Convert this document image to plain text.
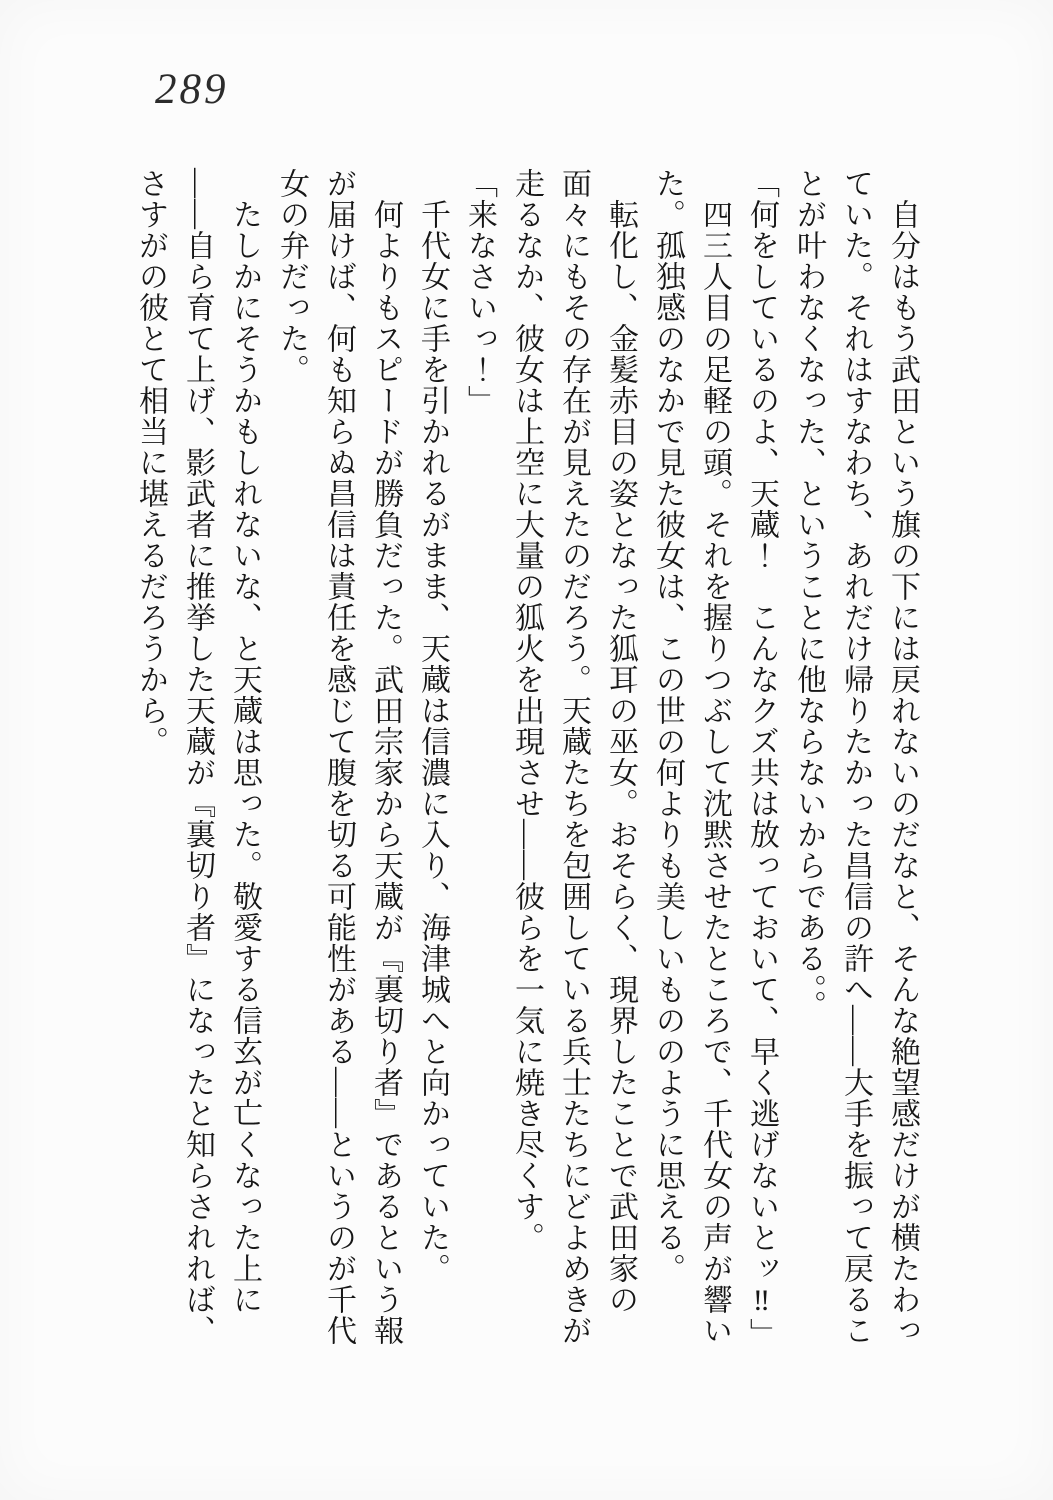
289
自分はもう武田という旗の下には戻れないのだなと、そんな絶望感だけが横たわっ
ていた。それはすなわち、あれだけ帰りたかった昌信の許へ――大手を振って戻るこ
とが叶わなくなった、ということに他ならないからである。。
「何をしているのよ、天蔵！　こんなクズ共は放っておいて、早く逃げないとッ‼」
四三人目の足軽の頭。それを握りつぶして沈黙させたところで、千代女の声が響い
た。孤独感のなかで見た彼女は、この世の何よりも美しいもののように思える。
転化し、金髪赤目の姿となった狐耳の巫女。おそらく、現界したことで武田家の
面々にもその存在が見えたのだろう。天蔵たちを包囲している兵士たちにどよめきが
走るなか、彼女は上空に大量の狐火を出現させ――彼らを一気に焼き尽くす。
「来なさいっ！」
千代女に手を引かれるがまま、天蔵は信濃に入り、海津城へと向かっていた。
何よりもスピードが勝負だった。武田宗家から天蔵が『裏切り者』であるという報
が届けば、何も知らぬ昌信は責任を感じて腹を切る可能性がある――というのが千代
女の弁だった。
たしかにそうかもしれないな、と天蔵は思った。敬愛する信玄が亡くなった上に
――自ら育て上げ、影武者に推挙した天蔵が『裏切り者』になったと知らされれば、
さすがの彼とて相当に堪えるだろうから。
